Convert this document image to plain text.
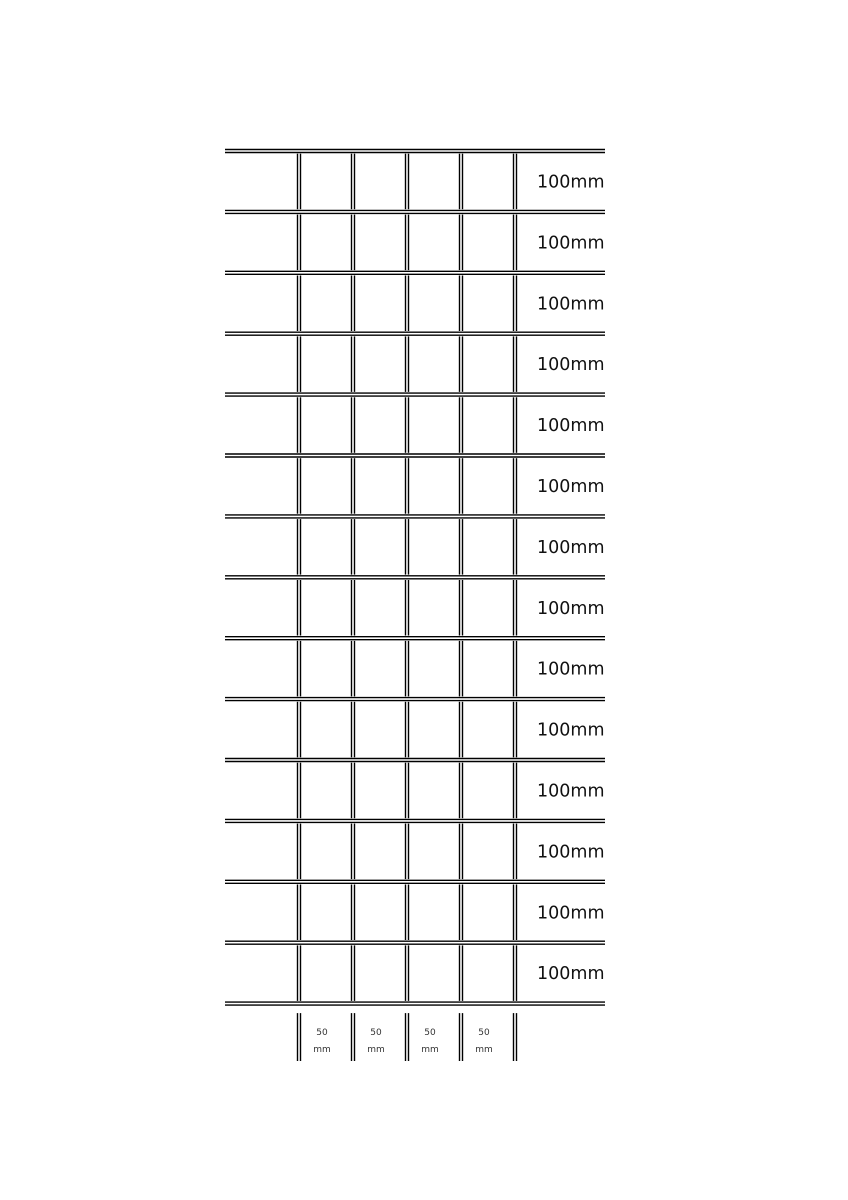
100mm
100mm
100mm
100mm
100mm
100mm
100mm
100mm
100mm
100mm
100mm
100mm
100mm
100mm
50
mm
50
mm
50
mm
50
mm
